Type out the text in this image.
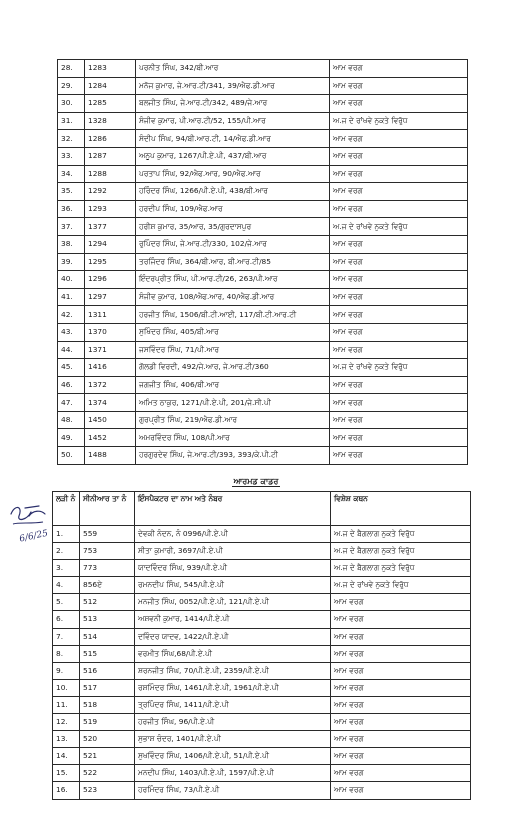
28.	1283	ਪਰਨੀਤ ਸਿੰਘ, 342/ਬੀ.ਆਰ	ਆਮ ਵਰਗ
29.	1284	ਮਨੋਜ ਕੁਮਾਰ, ਜੇ.ਆਰ.ਟੀ/341, 39/ਐਫ.ਡੀ.ਆਰ	ਆਮ ਵਰਗ
30.	1285	ਬਲਜੀਤ ਸਿੰਘ, ਜੇ.ਆਰ.ਟੀ/342, 489/ਜੇ.ਆਰ	ਆਮ ਵਰਗ
31.	1328	ਸੰਜੀਵ ਕੁਮਾਰ, ਪੀ.ਆਰ.ਟੀ/52, 155/ਪੀ.ਆਰ	ਅ.ਜ ਦੇ ਰਾਂਖਵੇ ਨੁਕਤੇ ਵਿਰੁੱਧ
32.	1286	ਸੰਦੀਪ ਸਿੰਘ, 94/ਬੀ.ਆਰ.ਟੀ, 14/ਐਫ.ਡੀ.ਆਰ	ਆਮ ਵਰਗ
33.	1287	ਅਨੂਪ ਕੁਮਾਰ, 1267/ਪੀ.ਏ.ਪੀ, 437/ਬੀ.ਆਰ	ਆਮ ਵਰਗ
34.	1288	ਪਰਤਾਪ ਸਿੰਘ, 92/ਐਫ.ਆਰ, 90/ਐਫ.ਆਰ	ਆਮ ਵਰਗ
35.	1292	ਹਰਿੰਦਰ ਸਿੰਘ, 1266/ਪੀ.ਏ.ਪੀ, 438/ਬੀ.ਆਰ	ਆਮ ਵਰਗ
36.	1293	ਹਰਦੀਪ ਸਿੰਘ, 109/ਐਫ.ਆਰ	ਆਮ ਵਰਗ
37.	1377	ਹਰੀਸ਼ ਕੁਮਾਰ, 35/ਆਰ, 35/ਗੁਰਦਾਸਪੁਰ	ਅ.ਜ ਦੇ ਰਾਂਖਵੇ ਨੁਕਤੇ ਵਿਰੁੱਧ
38.	1294	ਰੁਪਿੰਦਰ ਸਿੰਘ, ਜੇ.ਆਰ.ਟੀ/330, 102/ਜੇ.ਆਰ	ਆਮ ਵਰਗ
39.	1295	ਤਰਜਿੰਦਰ ਸਿੰਘ, 364/ਬੀ.ਆਰ, ਬੀ.ਆਰ.ਟੀ/85	ਆਮ ਵਰਗ
40.	1296	ਇੰਦਰਪ੍ਰੀਤ ਸਿੰਘ, ਪੀ.ਆਰ.ਟੀ/26, 263/ਪੀ.ਆਰ	ਆਮ ਵਰਗ
41.	1297	ਸੰਜੀਵ ਕੁਮਾਰ, 108/ਐਫ.ਆਰ, 40/ਐਫ.ਡੀ.ਆਰ	ਆਮ ਵਰਗ
42.	1311	ਹਰਜੀਤ ਸਿੰਘ, 1506/ਬੀ.ਟੀ.ਆਈ, 117/ਬੀ.ਟੀ.ਆਰ.ਟੀ	ਆਮ ਵਰਗ
43.	1370	ਸੁਖਿੰਦਰ ਸਿੰਘ, 405/ਬੀ.ਆਰ	ਆਮ ਵਰਗ
44.	1371	ਜਸਵਿੰਦਰ ਸਿੰਘ, 71/ਪੀ.ਆਰ	ਆਮ ਵਰਗ
45.	1416	ਗੋਲਡੀ ਵਿਰਦੀ, 492/ਜੇ.ਆਰ, ਜੇ.ਆਰ.ਟੀ/360	ਅ.ਜ ਦੇ ਰਾਂਖਵੇ ਨੁਕਤੇ ਵਿਰੁੱਧ
46.	1372	ਜਗਜੀਤ ਸਿੰਘ, 406/ਬੀ.ਆਰ	ਆਮ ਵਰਗ
47.	1374	ਅਮਿਤ ਠਾਕੁਰ, 1271/ਪੀ.ਏ.ਪੀ, 201/ਜੇ.ਸੀ.ਪੀ	ਆਮ ਵਰਗ
48.	1450	ਗੁਰਪ੍ਰੀਤ ਸਿੰਘ, 219/ਐਫ.ਡੀ.ਆਰ	ਆਮ ਵਰਗ
49.	1452	ਅਮਰਵਿੰਦਰ ਸਿੰਘ, 108/ਪੀ.ਆਰ	ਆਮ ਵਰਗ
50.	1488	ਹਰਗੁਰਦੇਵ ਸਿੰਘ, ਜੇ.ਆਰ.ਟੀ/393, 393/ਕੇ.ਪੀ.ਟੀ	ਆਮ ਵਰਗ
ਆਰਮਡ ਕਾਡਰ
ਲੜੀ ਨੰ	ਸੀਨੀਆਰ ਤਾ ਨੰ	ਇੰਸਪੈਕਟਰ ਦਾ ਨਾਮ ਅਤੇ ਨੰਬਰ	ਵਿਸ਼ੇਸ਼ ਕਥਨ
1.	559	ਦੇਵਕੀ ਨੰਦਨ, ਨੰ 0996/ਪੀ.ਏ.ਪੀ	ਅ.ਜ ਦੇ ਬੈਗਲਾਗ ਨੁਕਤੇ ਵਿਰੁੱਧ
2.	753	ਸੀਤਾ ਕੁਮਾਰੀ, 3697/ਪੀ.ਏ.ਪੀ	ਅ.ਜ ਦੇ ਬੈਗਲਾਗ ਨੁਕਤੇ ਵਿਰੁੱਧ
3.	773	ਯਾਦਵਿੰਦਰ ਸਿੰਘ, 939/ਪੀ.ਏ.ਪੀ	ਅ.ਜ ਦੇ ਬੈਗਲਾਗ ਨੁਕਤੇ ਵਿਰੁੱਧ
4.	856ਏ	ਰਮਨਦੀਪ ਸਿੰਘ, 545/ਪੀ.ਏ.ਪੀ	ਅ.ਜ ਦੇ ਰਾਂਖਵੇ ਨੁਕਤੇ ਵਿਰੁੱਧ
5.	512	ਮਨਜੀਤ ਸਿੰਘ, 0052/ਪੀ.ਏ.ਪੀ, 121/ਪੀ.ਏ.ਪੀ	ਆਮ ਵਰਗ
6.	513	ਅਸ਼ਵਨੀ ਕੁਮਾਰ, 1414/ਪੀ.ਏ.ਪੀ	ਆਮ ਵਰਗ
7.	514	ਦਵਿੰਦਰ ਯਾਦਵ, 1422/ਪੀ.ਏ.ਪੀ	ਆਮ ਵਰਗ
8.	515	ਵਰਮੀਤ ਸਿੰਘ,68/ਪੀ.ਏ.ਪੀ	ਆਮ ਵਰਗ
9.	516	ਸ਼ਰਨਜੀਤ ਸਿੰਘ, 70/ਪੀ.ਏ.ਪੀ, 2359/ਪੀ.ਏ.ਪੀ	ਆਮ ਵਰਗ
10.	517	ਰਸ਼ਮਿੰਦਰ ਸਿੰਘ, 1461/ਪੀ.ਏ.ਪੀ, 1961/ਪੀ.ਏ.ਪੀ	ਆਮ ਵਰਗ
11.	518	ਤ੍ਰਪਿੰਦਰ ਸਿੰਘ, 1411/ਪੀ.ਏ.ਪੀ	ਆਮ ਵਰਗ
12.	519	ਹਰਜੀਤ ਸਿੰਘ, 96/ਪੀ.ਏ.ਪੀ	ਆਮ ਵਰਗ
13.	520	ਸੁਭਾਸ਼ ਚੰਦਰ, 1401/ਪੀ.ਏ.ਪੀ	ਆਮ ਵਰਗ
14.	521	ਸੁਖਵਿੰਦਰ ਸਿੰਘ, 1406/ਪੀ.ਏ.ਪੀ, 51/ਪੀ.ਏ.ਪੀ	ਆਮ ਵਰਗ
15.	522	ਮਨਦੀਪ ਸਿੰਘ, 1403/ਪੀ.ਏ.ਪੀ, 1597/ਪੀ.ਏ.ਪੀ	ਆਮ ਵਰਗ
16.	523	ਹਰਮਿੰਦਰ ਸਿੰਘ, 73/ਪੀ.ਏ.ਪੀ	ਆਮ ਵਰਗ
6/6/25
